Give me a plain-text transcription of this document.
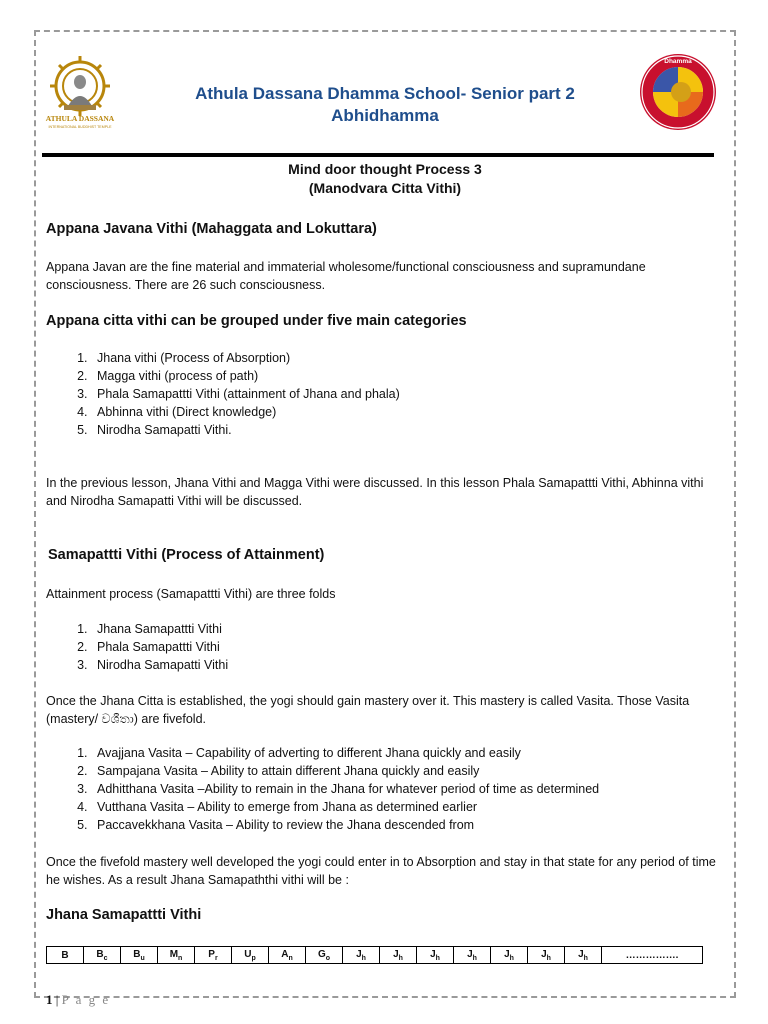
ATHULA DASSANA
INTERNATIONAL BUDDHIST TEMPLE
Athula Dassana Dhamma School- Senior part 2
Abhidhamma
Dhamma
Mind door thought Process 3
(Manodvara Citta Vithi)
Appana Javana Vithi (Mahaggata and Lokuttara)
Appana Javan are the fine material and immaterial wholesome/functional consciousness and supramundane consciousness. There are 26 such consciousness.
Appana citta vithi can be grouped under five main categories
1. Jhana vithi (Process of Absorption)
2. Magga vithi (process of path)
3. Phala Samapattti Vithi (attainment of Jhana and phala)
4. Abhinna vithi (Direct knowledge)
5. Nirodha Samapatti Vithi.
In the previous lesson, Jhana Vithi and Magga Vithi were discussed. In this lesson Phala Samapattti Vithi, Abhinna vithi and Nirodha Samapatti Vithi will be discussed.
Samapattti Vithi (Process of Attainment)
Attainment process (Samapattti Vithi) are three folds
1. Jhana Samapattti Vithi
2. Phala Samapattti Vithi
3. Nirodha Samapatti Vithi
Once the Jhana Citta is established, the yogi should gain mastery over it. This mastery is called Vasita. Those Vasita (mastery/ වශීතා) are fivefold.
1. Avajjana Vasita – Capability of adverting to different Jhana quickly and easily
2. Sampajana Vasita – Ability to attain different Jhana quickly and easily
3. Adhitthana Vasita –Ability to remain in the Jhana for whatever period of time as determined
4. Vutthana Vasita – Ability to emerge from Jhana as determined earlier
5. Paccavekkhana Vasita – Ability to review the Jhana descended from
Once the fivefold mastery well developed the yogi could enter in to Absorption and stay in that state for any period of time he wishes. As a result Jhana Samapaththi vithi will be :
Jhana Samapattti Vithi
B	$B_c$	$B_u$	$M_n$	$P_r$	$U_p$	$A_n$	$G_o$	$J_h$	$J_h$	$J_h$	$J_h$	$J_h$	$J_h$	$J_h$	…………….
1 | P a g e
